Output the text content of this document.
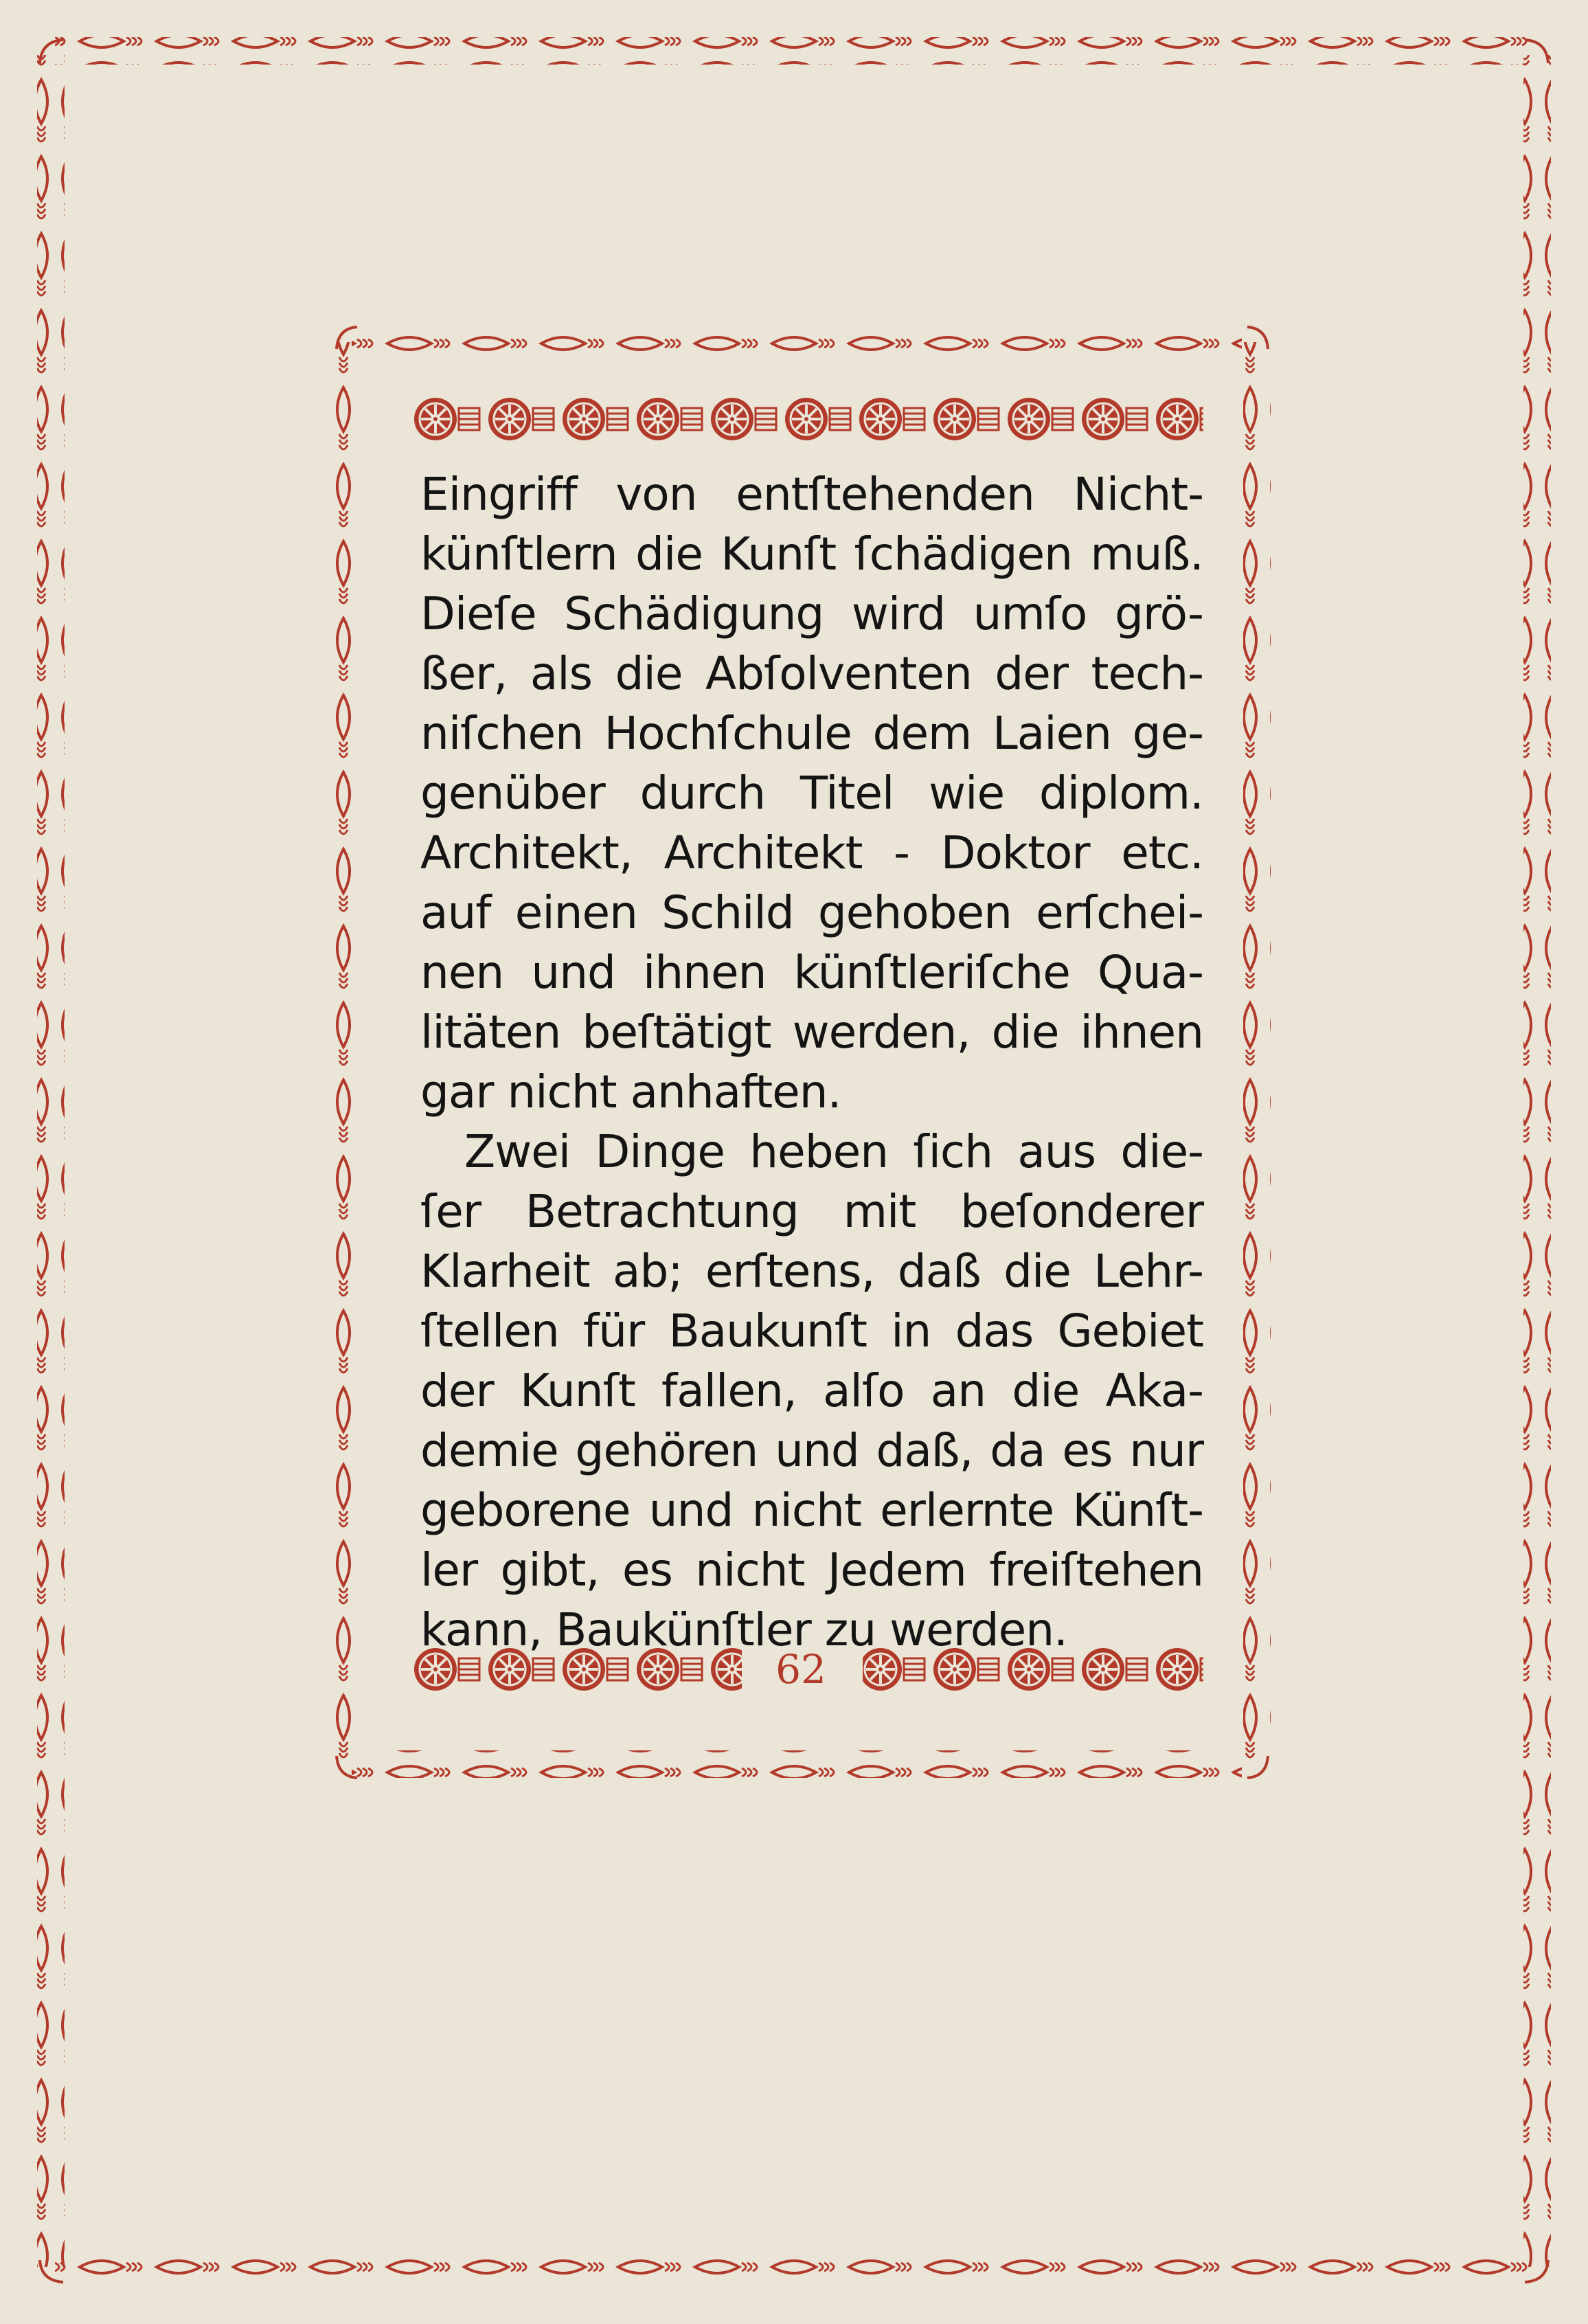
Eingriff von entſtehenden Nicht-
künſtlern die Kunſt ſchädigen muß.
Dieſe Schädigung wird umſo grö-
ßer, als die Abſolventen der tech-
niſchen Hochſchule dem Laien ge-
genüber durch Titel wie diplom.
Architekt, Architekt - Doktor etc.
auf einen Schild gehoben erſchei-
nen und ihnen künſtleriſche Qua-
litäten beſtätigt werden, die ihnen
gar nicht anhaften.
Zwei Dinge heben ſich aus die-
ſer Betrachtung mit beſonderer
Klarheit ab; erſtens, daß die Lehr-
ſtellen für Baukunſt in das Gebiet
der Kunſt fallen, alſo an die Aka-
demie gehören und daß, da es nur
geborene und nicht erlernte Künſt-
ler gibt, es nicht Jedem freiſtehen
kann, Baukünſtler zu werden.
62
